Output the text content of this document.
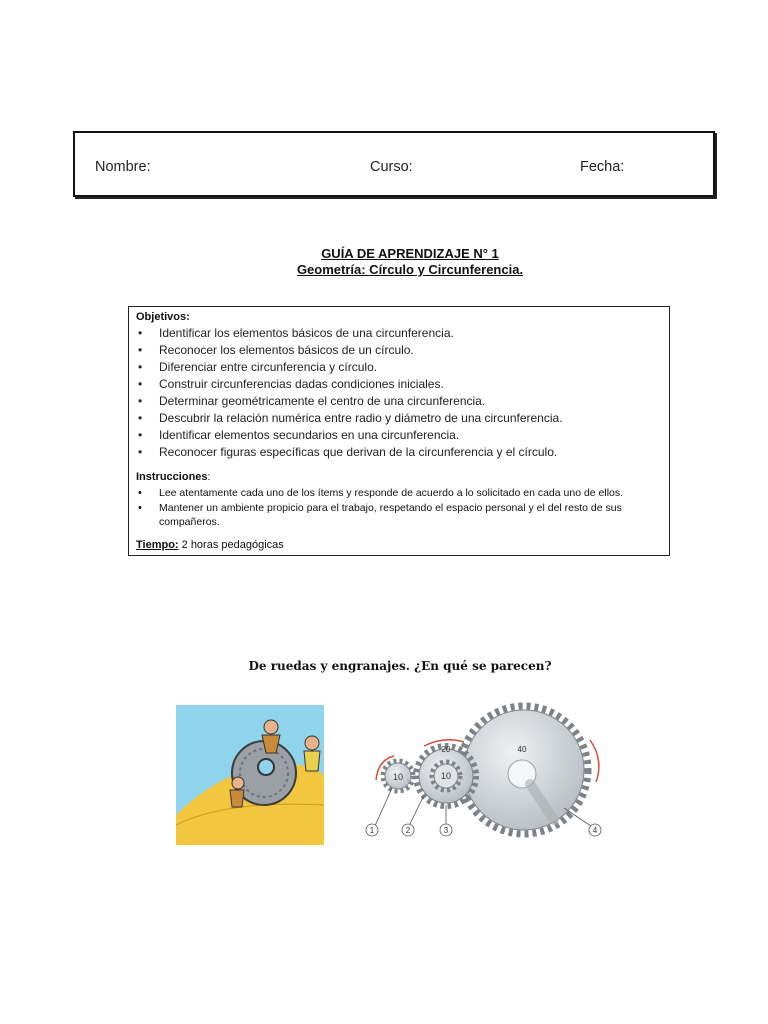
Nombre:	Curso:	Fecha:
GUÍA DE APRENDIZAJE N° 1
Geometría: Círculo y Circunferencia.
Objetivos:
• Identificar los elementos básicos de una circunferencia.
• Reconocer los elementos básicos de un círculo.
• Diferenciar entre circunferencia y círculo.
• Construir circunferencias dadas condiciones iniciales.
• Determinar geométricamente el centro de una circunferencia.
• Descubrir la relación numérica entre radio y diámetro de una circunferencia.
• Identificar elementos secundarios en una circunferencia.
• Reconocer figuras específicas que derivan de la circunferencia y el círculo.
Instrucciones:
• Lee atentamente cada uno de los ítems y responde de acuerdo a lo solicitado en cada uno de ellos.
• Mantener un ambiente propicio para el trabajo, respetando el espacio personal y el del resto de sus compañeros.
Tiempo: 2 horas pedagógicas
De ruedas y engranajes. ¿En qué se parecen?
10
20
10
40
1	2	3	4
